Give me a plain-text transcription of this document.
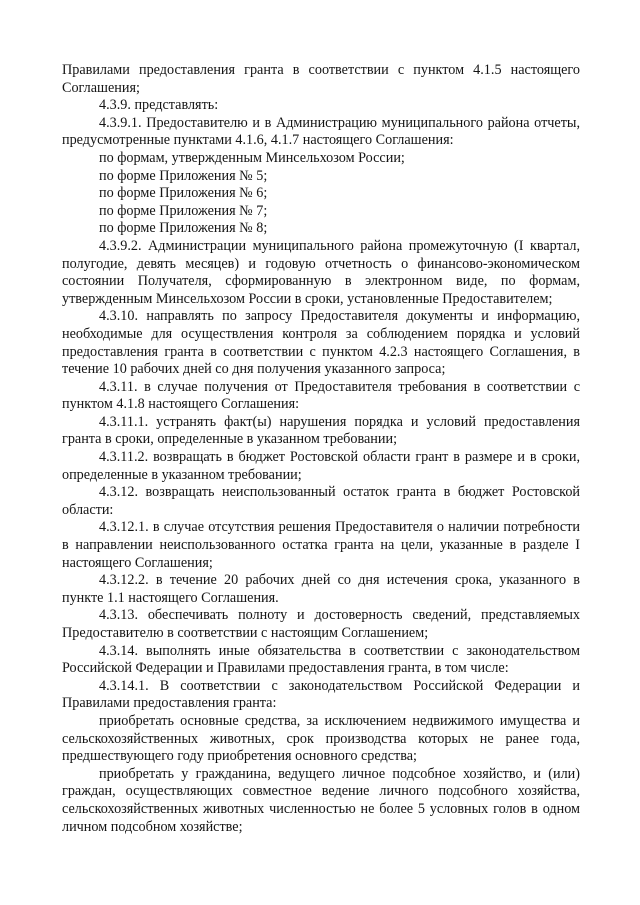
Правилами предоставления гранта в соответствии с пунктом 4.1.5 настоящего Соглашения;

4.3.9. представлять:

4.3.9.1. Предоставителю и в Администрацию муниципального района отчеты, предусмотренные пунктами 4.1.6, 4.1.7 настоящего Соглашения:

по формам, утвержденным Минсельхозом России;

по форме Приложения № 5;

по форме Приложения № 6;

по форме Приложения № 7;

по форме Приложения № 8;

4.3.9.2. Администрации муниципального района промежуточную (I квартал, полугодие, девять месяцев) и годовую отчетность о финансово-экономическом состоянии Получателя, сформированную в электронном виде, по формам, утвержденным Минсельхозом России в сроки, установленные Предоставителем;

4.3.10. направлять по запросу Предоставителя документы и информацию, необходимые для осуществления контроля за соблюдением порядка и условий предоставления гранта в соответствии с пунктом 4.2.3 настоящего Соглашения, в течение 10 рабочих дней со дня получения указанного запроса;

4.3.11. в случае получения от Предоставителя требования в соответствии с пунктом 4.1.8 настоящего Соглашения:

4.3.11.1. устранять факт(ы) нарушения порядка и условий предоставления гранта в сроки, определенные в указанном требовании;

4.3.11.2. возвращать в бюджет Ростовской области грант в размере и в сроки, определенные в указанном требовании;

4.3.12. возвращать неиспользованный остаток гранта в бюджет Ростовской области:

4.3.12.1. в случае отсутствия решения Предоставителя о наличии потребности в направлении неиспользованного остатка гранта на цели, указанные в разделе I настоящего Соглашения;

4.3.12.2. в течение 20 рабочих дней со дня истечения срока, указанного в пункте 1.1 настоящего Соглашения.

4.3.13. обеспечивать полноту и достоверность сведений, представляемых Предоставителю в соответствии с настоящим Соглашением;

4.3.14. выполнять иные обязательства в соответствии с законодательством Российской Федерации и Правилами предоставления гранта, в том числе:

4.3.14.1. В соответствии с законодательством Российской Федерации и Правилами предоставления гранта:

приобретать основные средства, за исключением недвижимого имущества и сельскохозяйственных животных, срок производства которых не ранее года, предшествующего году приобретения основного средства;

приобретать у гражданина, ведущего личное подсобное хозяйство, и (или) граждан, осуществляющих совместное ведение личного подсобного хозяйства, сельскохозяйственных животных численностью не более 5 условных голов в одном личном подсобном хозяйстве;
